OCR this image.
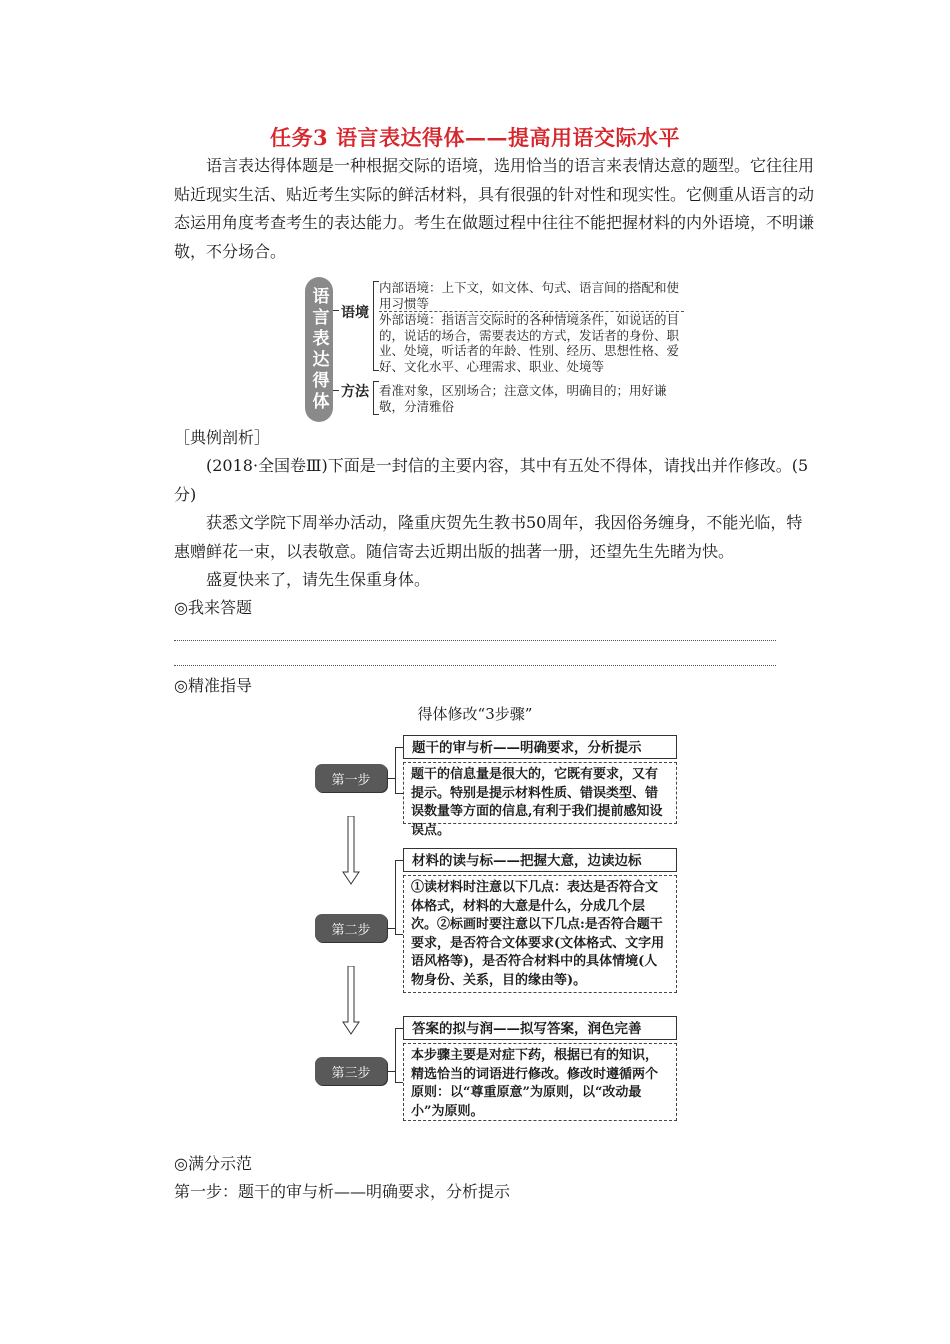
任务3 语言表达得体——提高用语交际水平
语言表达得体题是一种根据交际的语境，选用恰当的语言来表情达意的题型。它往往用贴近现实生活、贴近考生实际的鲜活材料，具有很强的针对性和现实性。它侧重从语言的动态运用角度考查考生的表达能力。考生在做题过程中往往不能把握材料的内外语境，不明谦敬，不分场合。
语言表达得体 语境
方法
内部语境：上下文，如文体、句式、语言间的搭配和使用习惯等
外部语境：指语言交际时的各种情境条件，如说话的目的，说话的场合，需要表达的方式，发话者的身份、职业、处境，听话者的年龄、性别、经历、思想性格、爱好、文化水平、心理需求、职业、处境等
看准对象，区别场合；注意文体，明确目的；用好谦敬，分清雅俗
［典例剖析］
(2018·全国卷Ⅲ)下面是一封信的主要内容，其中有五处不得体，请找出并作修改。(5分)
获悉文学院下周举办活动，隆重庆贺先生教书50周年，我因俗务缠身，不能光临，特惠赠鲜花一束，以表敬意。随信寄去近期出版的拙著一册，还望先生先睹为快。
盛夏快来了，请先生保重身体。
◎我来答题
◎精准指导
得体修改“3步骤”
题干的审与析——明确要求，分析提示
题干的信息量是很大的，它既有要求，又有提示。特别是提示材料性质、错误类型、错误数量等方面的信息,有利于我们提前感知设误点。
第一步
材料的读与标——把握大意，边读边标
①读材料时注意以下几点：表达是否符合文体格式，材料的大意是什么，分成几个层次。②标画时要注意以下几点:是否符合题干要求，是否符合文体要求(文体格式、文字用语风格等)，是否符合材料中的具体情境(人物身份、关系，目的缘由等)。
第二步
答案的拟与润——拟写答案，润色完善
本步骤主要是对症下药，根据已有的知识，精选恰当的词语进行修改。修改时遵循两个原则：以“尊重原意”为原则，以“改动最小”为原则。
第三步
◎满分示范
第一步：题干的审与析——明确要求，分析提示
